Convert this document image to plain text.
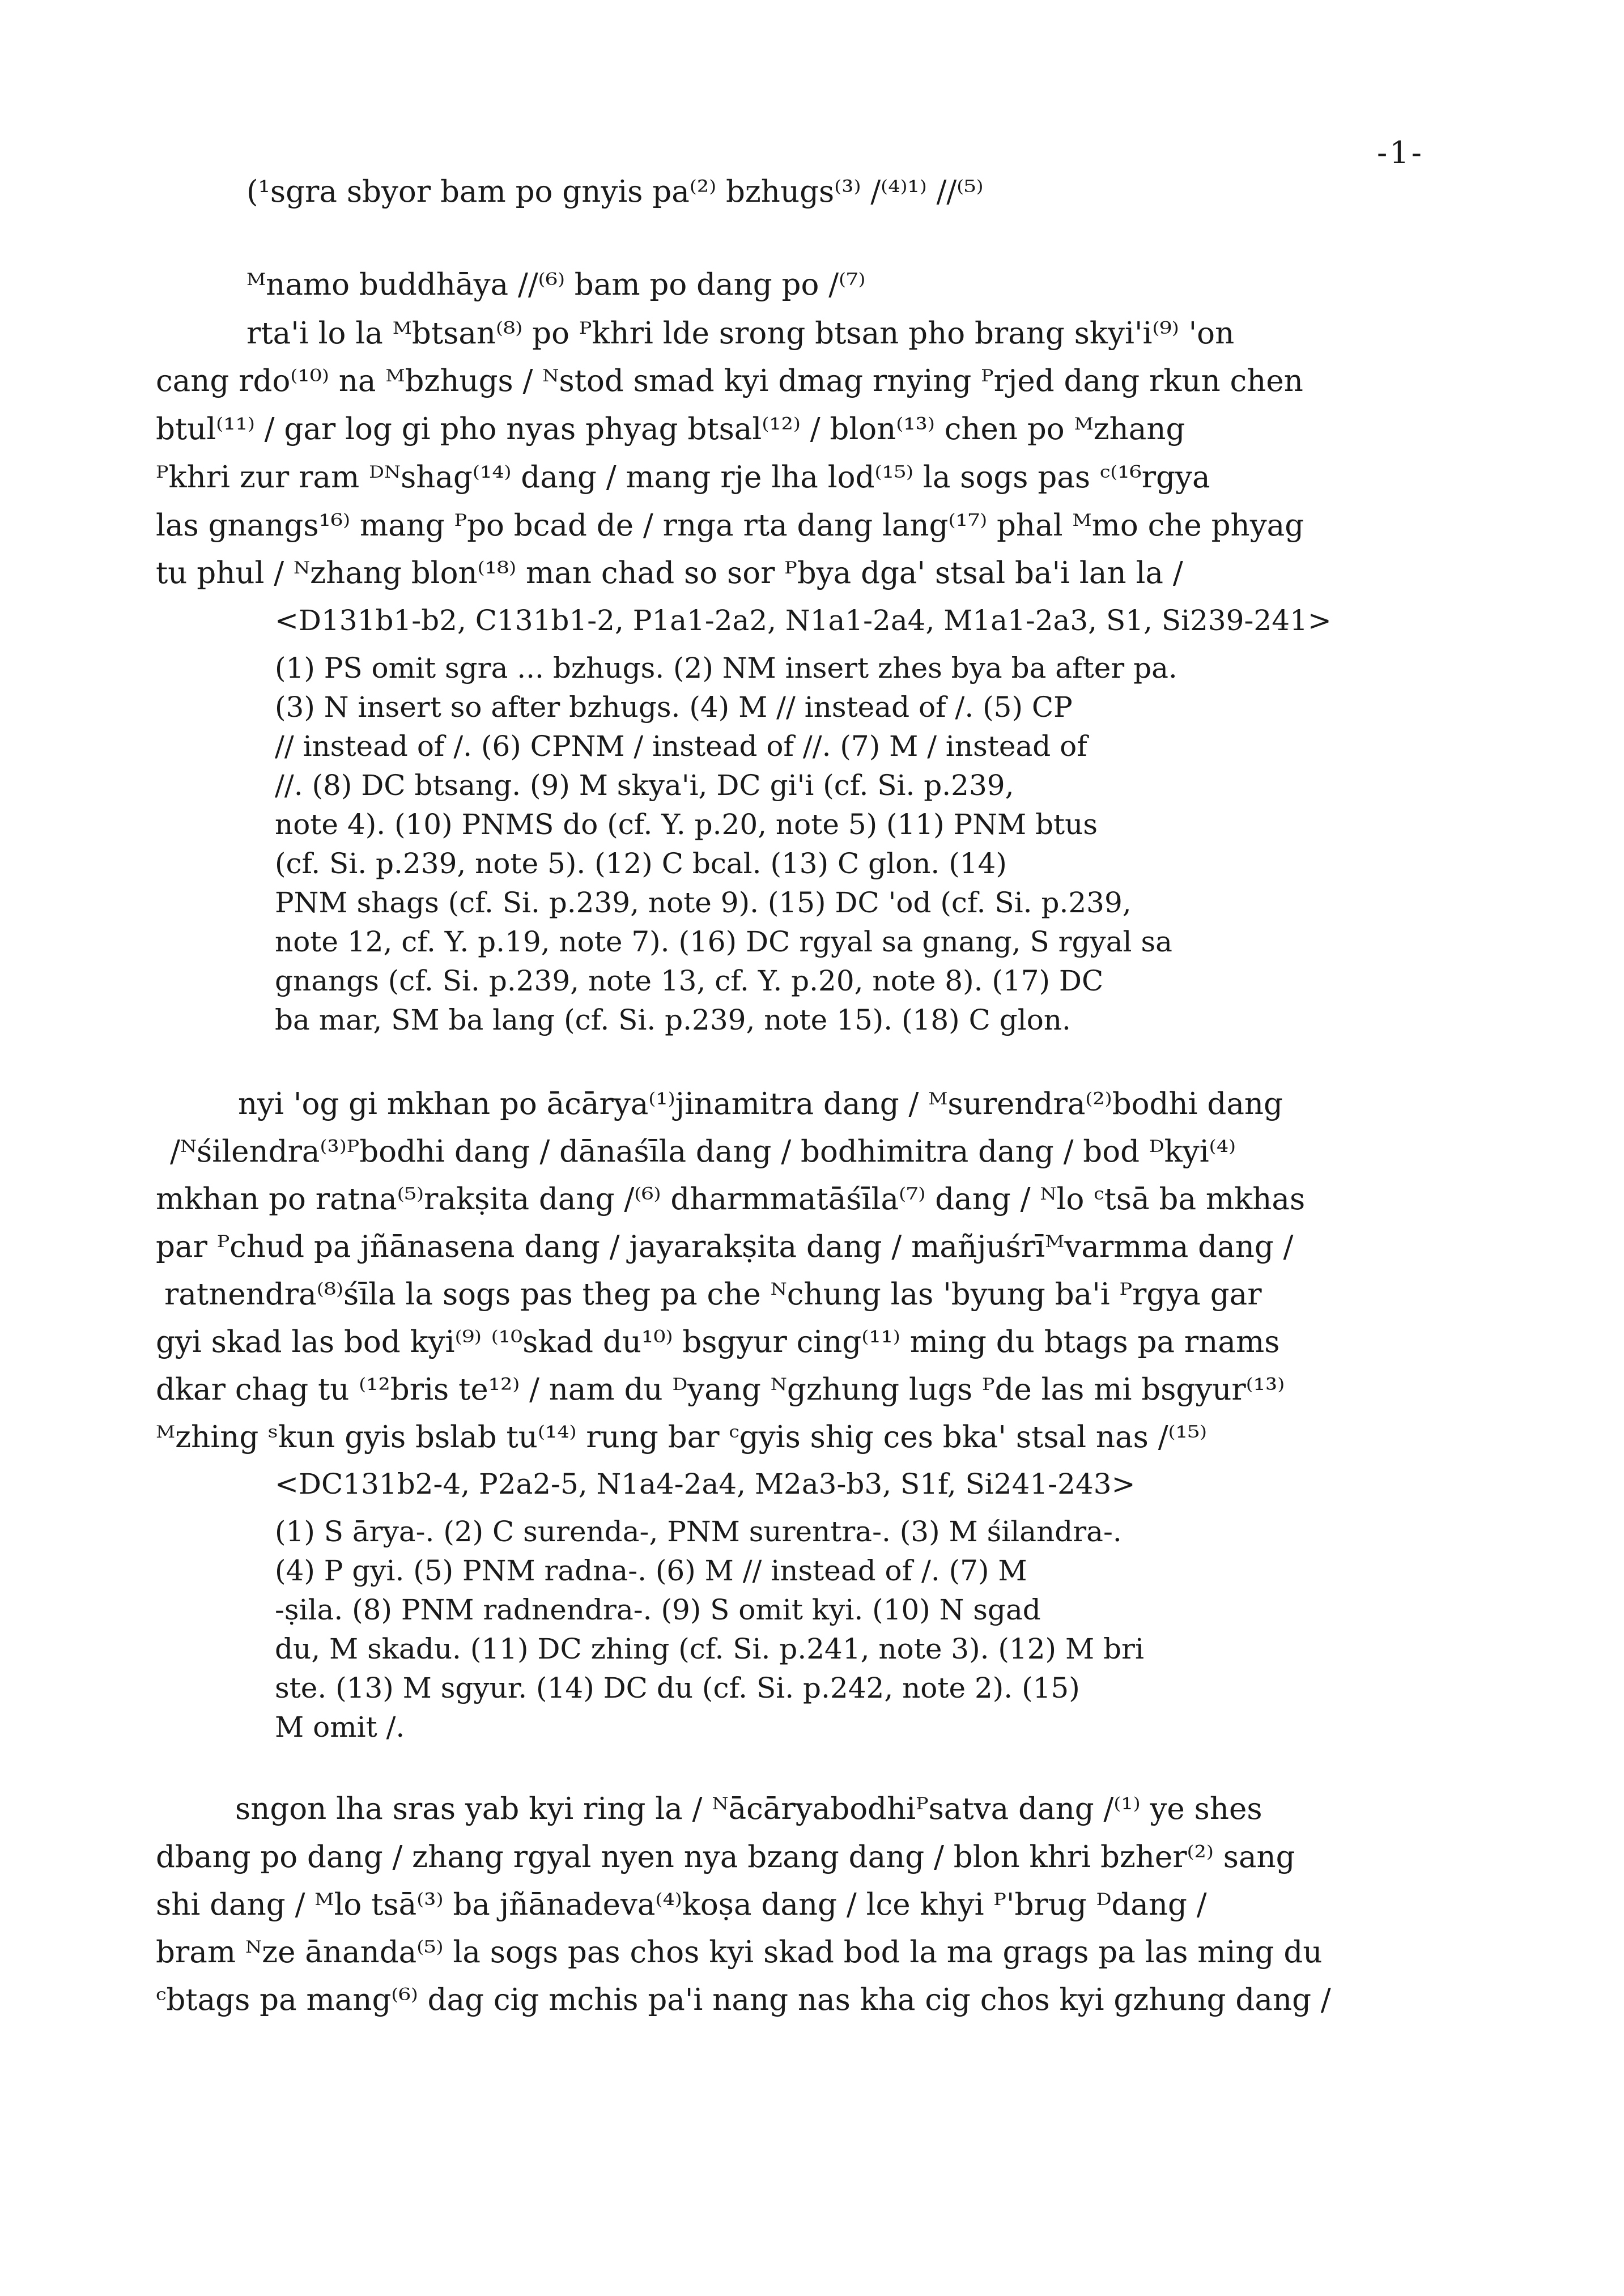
-1-
(¹sgra sbyor bam po gnyis pa⁽²⁾ bzhugs⁽³⁾ /⁽⁴⁾¹⁾ //⁽⁵⁾
ᴹnamo buddhāya //⁽⁶⁾ bam po dang po /⁽⁷⁾
rta'i lo la ᴹbtsan⁽⁸⁾ po ᴾkhri lde srong btsan pho brang skyi'i⁽⁹⁾ 'on
cang rdo⁽¹⁰⁾ na ᴹbzhugs / ᴺstod smad kyi dmag rnying ᴾrjed dang rkun chen
btul⁽¹¹⁾ / gar log gi pho nyas phyag btsal⁽¹²⁾ / blon⁽¹³⁾ chen po ᴹzhang
ᴾkhri zur ram ᴰᴺshag⁽¹⁴⁾ dang / mang rje lha lod⁽¹⁵⁾ la sogs pas ᶜ⁽¹⁶rgya
las gnangs¹⁶⁾ mang ᴾpo bcad de / rnga rta dang lang⁽¹⁷⁾ phal ᴹmo che phyag
tu phul / ᴺzhang blon⁽¹⁸⁾ man chad so sor ᴾbya dga' stsal ba'i lan la /
<D131b1-b2, C131b1-2, P1a1-2a2, N1a1-2a4, M1a1-2a3, S1, Si239-241>
(1) PS omit sgra ... bzhugs. (2) NM insert zhes bya ba after pa.
(3) N insert so after bzhugs. (4) M // instead of /. (5) CP
// instead of /. (6) CPNM / instead of //. (7) M / instead of
//. (8) DC btsang. (9) M skya'i, DC gi'i (cf. Si. p.239,
note 4). (10) PNMS do (cf. Y. p.20, note 5) (11) PNM btus
(cf. Si. p.239, note 5). (12) C bcal. (13) C glon. (14)
PNM shags (cf. Si. p.239, note 9). (15) DC 'od (cf. Si. p.239,
note 12, cf. Y. p.19, note 7). (16) DC rgyal sa gnang, S rgyal sa
gnangs (cf. Si. p.239, note 13, cf. Y. p.20, note 8). (17) DC
ba mar, SM ba lang (cf. Si. p.239, note 15). (18) C glon.
nyi 'og gi mkhan po ācārya⁽¹⁾jinamitra dang / ᴹsurendra⁽²⁾bodhi dang
/ᴺśilendra⁽³⁾ᴾbodhi dang / dānaśīla dang / bodhimitra dang / bod ᴰkyi⁽⁴⁾
mkhan po ratna⁽⁵⁾rakṣita dang /⁽⁶⁾ dharmmatāśīla⁽⁷⁾ dang / ᴺlo ᶜtsā ba mkhas
par ᴾchud pa jñānasena dang / jayarakṣita dang / mañjuśrīᴹvarmma dang /
ratnendra⁽⁸⁾śīla la sogs pas theg pa che ᴺchung las 'byung ba'i ᴾrgya gar
gyi skad las bod kyi⁽⁹⁾ ⁽¹⁰skad du¹⁰⁾ bsgyur cing⁽¹¹⁾ ming du btags pa rnams
dkar chag tu ⁽¹²bris te¹²⁾ / nam du ᴰyang ᴺgzhung lugs ᴾde las mi bsgyur⁽¹³⁾
ᴹzhing ˢkun gyis bslab tu⁽¹⁴⁾ rung bar ᶜgyis shig ces bka' stsal nas /⁽¹⁵⁾
<DC131b2-4, P2a2-5, N1a4-2a4, M2a3-b3, S1f, Si241-243>
(1) S ārya-. (2) C surenda-, PNM surentra-. (3) M śilandra-.
(4) P gyi. (5) PNM radna-. (6) M // instead of /. (7) M
-ṣila. (8) PNM radnendra-. (9) S omit kyi. (10) N sgad
du, M skadu. (11) DC zhing (cf. Si. p.241, note 3). (12) M bri
ste. (13) M sgyur. (14) DC du (cf. Si. p.242, note 2). (15)
M omit /.
sngon lha sras yab kyi ring la / ᴺācāryabodhiᴾsatva dang /⁽¹⁾ ye shes
dbang po dang / zhang rgyal nyen nya bzang dang / blon khri bzher⁽²⁾ sang
shi dang / ᴹlo tsā⁽³⁾ ba jñānadeva⁽⁴⁾koṣa dang / lce khyi ᴾ'brug ᴰdang /
bram ᴺze ānanda⁽⁵⁾ la sogs pas chos kyi skad bod la ma grags pa las ming du
ᶜbtags pa mang⁽⁶⁾ dag cig mchis pa'i nang nas kha cig chos kyi gzhung dang /
